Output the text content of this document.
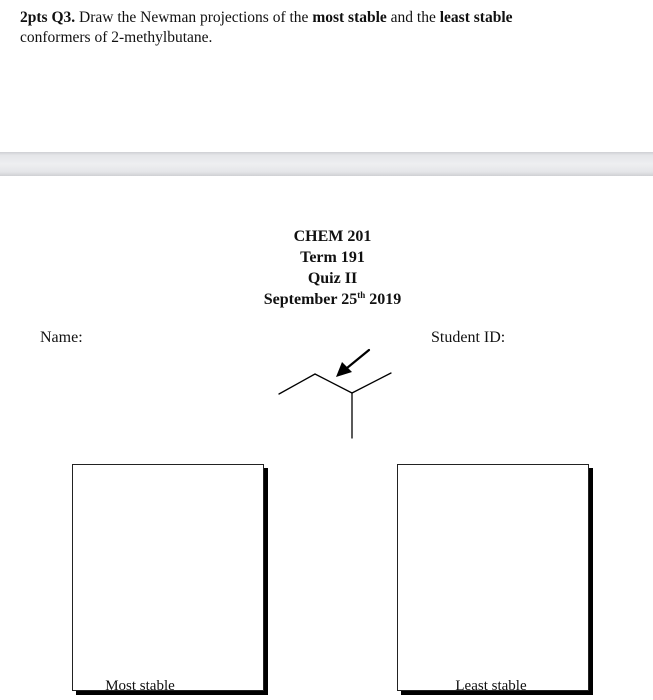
2pts Q3. Draw the Newman projections of the most stable and the least stable
conformers of 2-methylbutane.
CHEM 201
Term 191
Quiz II
September 25th 2019
Name:	Student ID:
Most stable	Least stable
